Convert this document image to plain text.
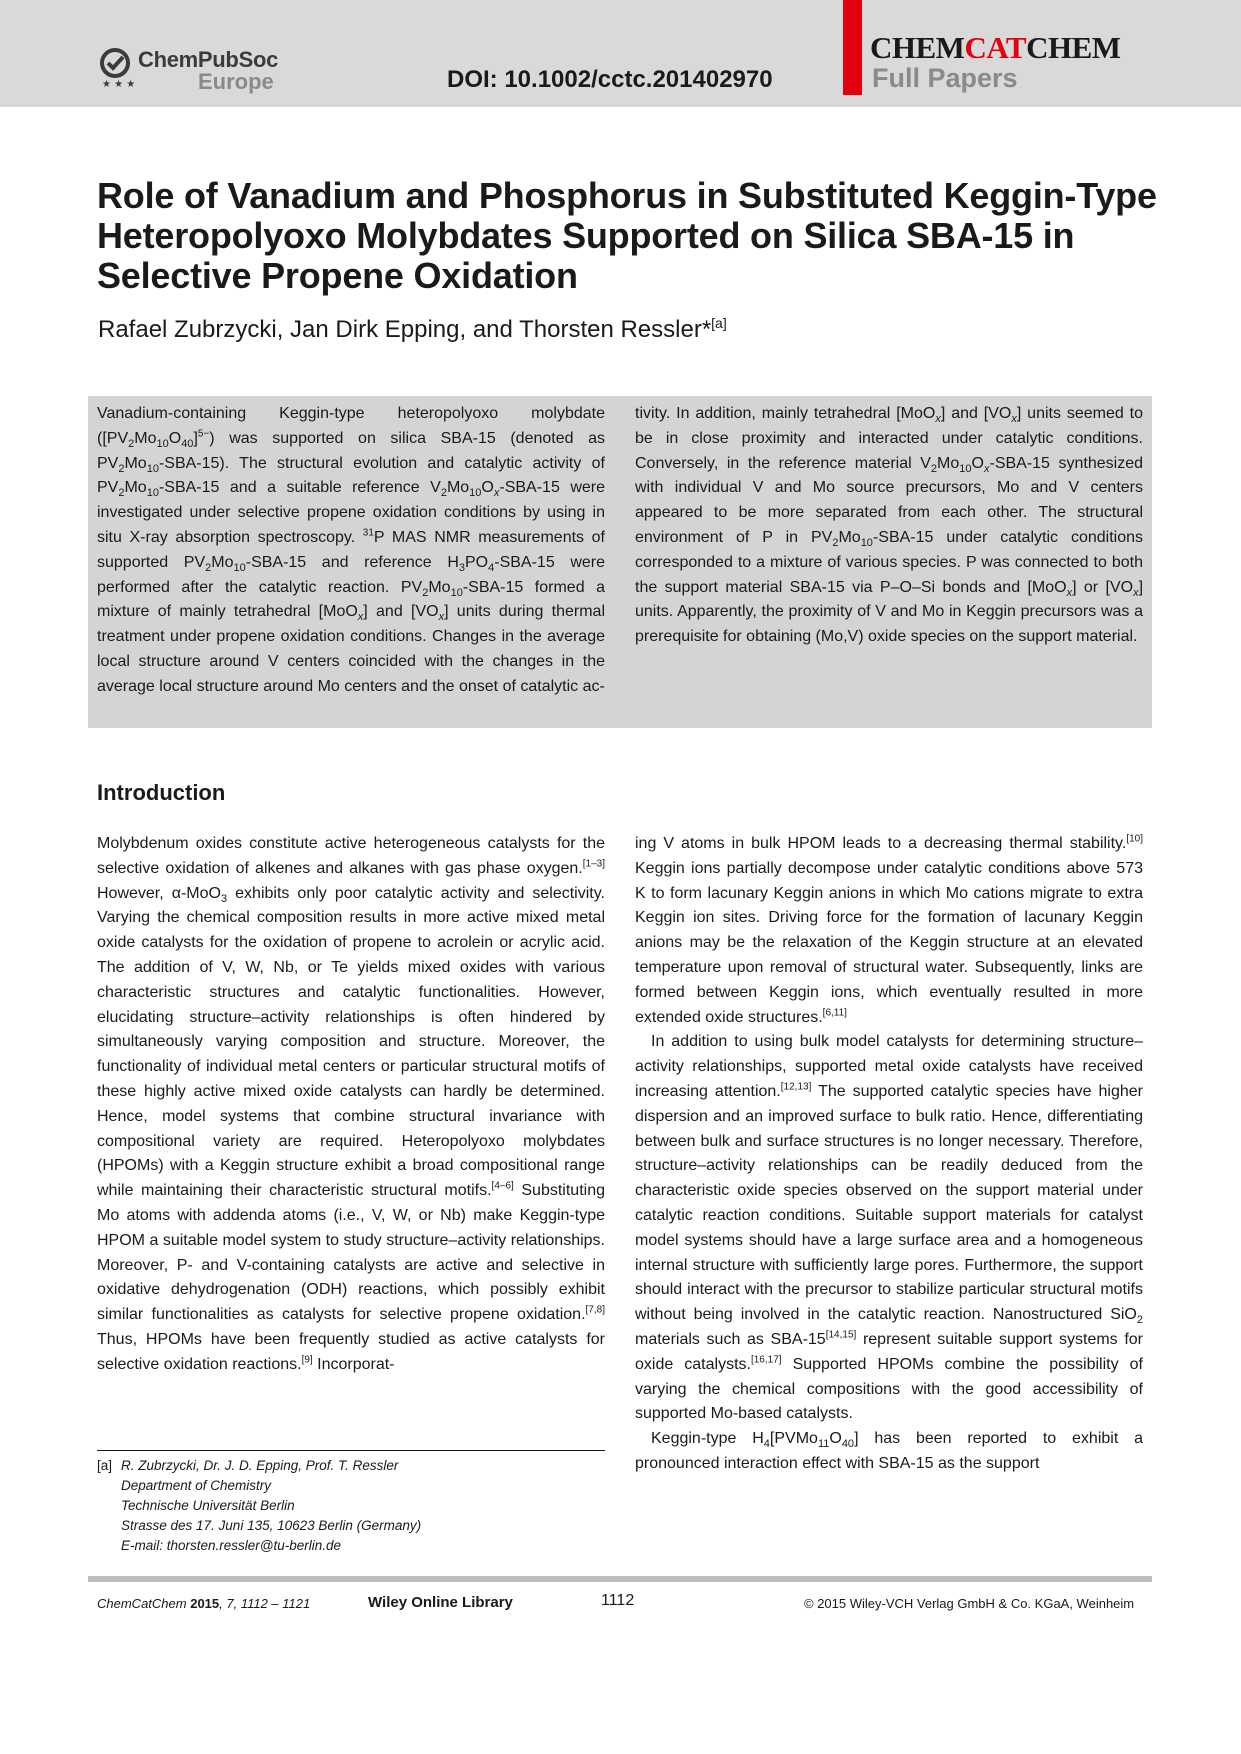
★ ★ ★
ChemPubSoc
Europe	DOI: 10.1002/cctc.201402970
CHEMCATCHEM
Full Papers
Role of Vanadium and Phosphorus in Substituted Keggin-Type Heteropolyoxo Molybdates Supported on Silica SBA-15 in Selective Propene Oxidation
Rafael Zubrzycki, Jan Dirk Epping, and Thorsten Ressler*[a]
Vanadium-containing Keggin-type heteropolyoxo molybdate $([PV_2Mo_{10}O_{40}]^{5-})$ was supported on silica SBA-15 (denoted as $PV_2Mo_{10}-SBA-15$). The structural evolution and catalytic activity of $PV_2Mo_{10}-SBA-15$ and a suitable reference $V_2Mo_{10}O_x-SBA-15$ were investigated under selective propene oxidation conditions by using in situ X-ray absorption spectroscopy. $^{31}$P MAS NMR measurements of supported $PV_2Mo_{10}-SBA-15$ and reference $H_3PO_4-SBA-15$ were performed after the catalytic reaction. $PV_2Mo_{10}-SBA-15$ formed a mixture of mainly tetrahedral [MoO$_x$] and $[VO_x]$ units during thermal treatment under propene oxidation conditions. Changes in the average local structure around V centers coincided with the changes in the average local structure around Mo centers and the onset of catalytic ac-
tivity. In addition, mainly tetrahedral [MoO$_x$] and $[VO_x]$ units seemed to be in close proximity and interacted under catalytic conditions. Conversely, in the reference material $V_2Mo_{10}O_x-SBA-15$ synthesized with individual V and Mo source precursors, Mo and V centers appeared to be more separated from each other. The structural environment of P in $PV_2Mo_{10}-SBA-15$ under catalytic conditions corresponded to a mixture of various species. P was connected to both the support material SBA-15 via P–O–Si bonds and [MoO$_x$] or $[VO_x]$ units. Apparently, the proximity of V and Mo in Keggin precursors was a prerequisite for obtaining (Mo,V) oxide species on the support material.
Introduction

Molybdenum oxides constitute active heterogeneous catalysts for the selective oxidation of alkenes and alkanes with gas phase oxygen.[1–3] However, α-MoO$_3$ exhibits only poor catalytic activity and selectivity. Varying the chemical composition results in more active mixed metal oxide catalysts for the oxidation of propene to acrolein or acrylic acid. The addition of V, W, Nb, or Te yields mixed oxides with various characteristic structures and catalytic functionalities. However, elucidating structure–activity relationships is often hindered by simultaneously varying composition and structure. Moreover, the functionality of individual metal centers or particular structural motifs of these highly active mixed oxide catalysts can hardly be determined. Hence, model systems that combine structural invariance with compositional variety are required. Heteropolyoxo molybdates (HPOMs) with a Keggin structure exhibit a broad compositional range while maintaining their characteristic structural motifs.[4–6] Substituting Mo atoms with addenda atoms (i.e., V, W, or Nb) make Keggin-type HPOM a suitable model system to study structure–activity relationships. Moreover, P- and V-containing catalysts are active and selective in oxidative dehydrogenation (ODH) reactions, which possibly exhibit similar functionalities as catalysts for selective propene oxidation.[7,8] Thus, HPOMs have been frequently studied as active catalysts for selective oxidation reactions.[9] Incorporat-

ing V atoms in bulk HPOM leads to a decreasing thermal stability.[10] Keggin ions partially decompose under catalytic conditions above 573 K to form lacunary Keggin anions in which Mo cations migrate to extra Keggin ion sites. Driving force for the formation of lacunary Keggin anions may be the relaxation of the Keggin structure at an elevated temperature upon removal of structural water. Subsequently, links are formed between Keggin ions, which eventually resulted in more extended oxide structures.[6,11]

In addition to using bulk model catalysts for determining structure–activity relationships, supported metal oxide catalysts have received increasing attention.[12,13] The supported catalytic species have higher dispersion and an improved surface to bulk ratio. Hence, differentiating between bulk and surface structures is no longer necessary. Therefore, structure–activity relationships can be readily deduced from the characteristic oxide species observed on the support material under catalytic reaction conditions. Suitable support materials for catalyst model systems should have a large surface area and a homogeneous internal structure with sufficiently large pores. Furthermore, the support should interact with the precursor to stabilize particular structural motifs without being involved in the catalytic reaction. Nanostructured SiO$_2$ materials such as SBA-15[14,15] represent suitable support systems for oxide catalysts.[16,17] Supported HPOMs combine the possibility of varying the chemical compositions with the good accessibility of supported Mo-based catalysts.

Keggin-type $H_4[PVMo_{11}O_{40}]$ has been reported to exhibit a pronounced interaction effect with SBA-15 as the support

[a] R. Zubrzycki, Dr. J. D. Epping, Prof. T. Ressler
Department of Chemistry
Technische Universität Berlin
Strasse des 17. Juni 135, 10623 Berlin (Germany)
E-mail: thorsten.ressler@tu-berlin.de
ChemCatChem 2015, 7, 1112 – 1121	Wiley Online Library	1112	© 2015 Wiley-VCH Verlag GmbH & Co. KGaA, Weinheim
